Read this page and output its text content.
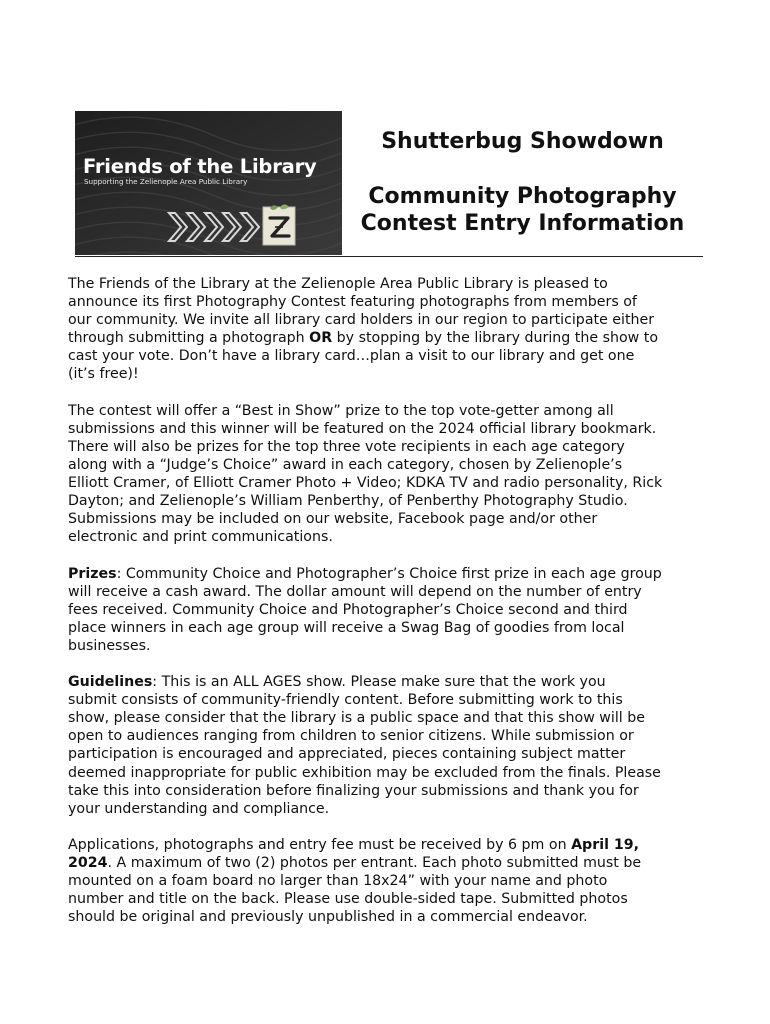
Friends of the Library
Supporting the Zelienople Area Public Library
Shutterbug Showdown
Community Photography
Contest Entry Information
The Friends of the Library at the Zelienople Area Public Library is pleased to
announce its first Photography Contest featuring photographs from members of
our community. We invite all library card holders in our region to participate either
through submitting a photograph OR by stopping by the library during the show to
cast your vote. Don’t have a library card…plan a visit to our library and get one
(it’s free)!
The contest will offer a “Best in Show” prize to the top vote-getter among all
submissions and this winner will be featured on the 2024 official library bookmark.
There will also be prizes for the top three vote recipients in each age category
along with a “Judge’s Choice” award in each category, chosen by Zelienople’s
Elliott Cramer, of Elliott Cramer Photo + Video; KDKA TV and radio personality, Rick
Dayton; and Zelienople’s William Penberthy, of Penberthy Photography Studio.
Submissions may be included on our website, Facebook page and/or other
electronic and print communications.
Prizes: Community Choice and Photographer’s Choice first prize in each age group
will receive a cash award. The dollar amount will depend on the number of entry
fees received. Community Choice and Photographer’s Choice second and third
place winners in each age group will receive a Swag Bag of goodies from local
businesses.
Guidelines: This is an ALL AGES show. Please make sure that the work you
submit consists of community-friendly content. Before submitting work to this
show, please consider that the library is a public space and that this show will be
open to audiences ranging from children to senior citizens. While submission or
participation is encouraged and appreciated, pieces containing subject matter
deemed inappropriate for public exhibition may be excluded from the finals. Please
take this into consideration before finalizing your submissions and thank you for
your understanding and compliance.
Applications, photographs and entry fee must be received by 6 pm on April 19,
2024. A maximum of two (2) photos per entrant. Each photo submitted must be
mounted on a foam board no larger than 18x24” with your name and photo
number and title on the back. Please use double-sided tape. Submitted photos
should be original and previously unpublished in a commercial endeavor.
